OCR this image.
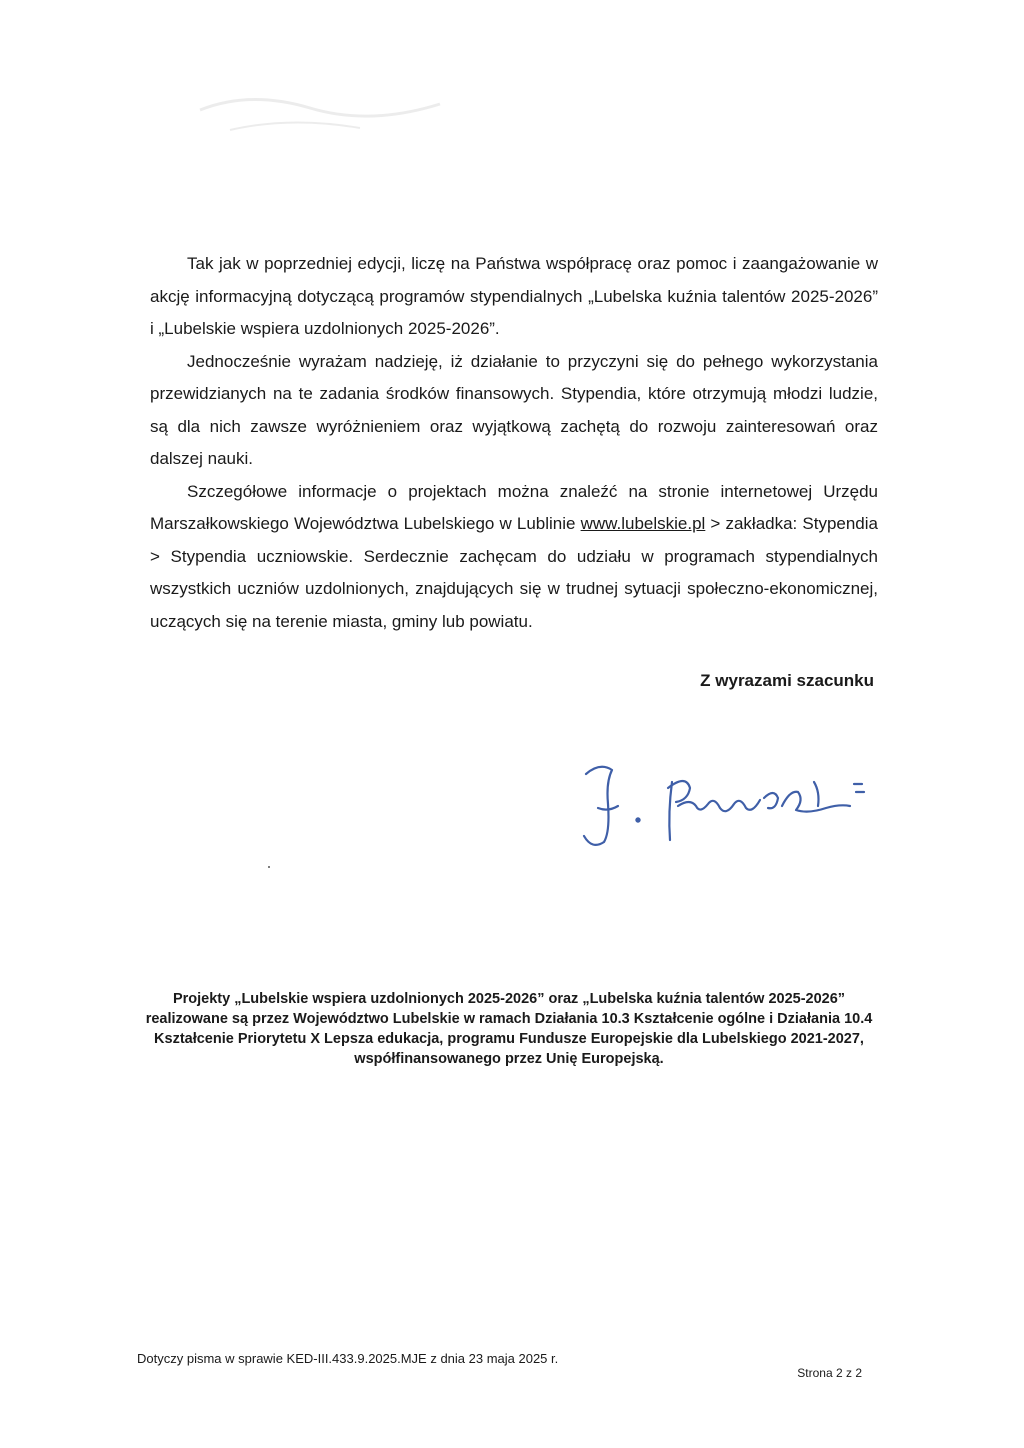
Tak jak w poprzedniej edycji, liczę na Państwa współpracę oraz pomoc i zaangażowanie w akcję informacyjną dotyczącą programów stypendialnych „Lubelska kuźnia talentów 2025-2026” i „Lubelskie wspiera uzdolnionych 2025-2026”.

Jednocześnie wyrażam nadzieję, iż działanie to przyczyni się do pełnego wykorzystania przewidzianych na te zadania środków finansowych. Stypendia, które otrzymują młodzi ludzie, są dla nich zawsze wyróżnieniem oraz wyjątkową zachętą do rozwoju zainteresowań oraz dalszej nauki.

Szczegółowe informacje o projektach można znaleźć na stronie internetowej Urzędu Marszałkowskiego Województwa Lubelskiego w Lublinie www.lubelskie.pl > zakładka: Stypendia > Stypendia uczniowskie. Serdecznie zachęcam do udziału w programach stypendialnych wszystkich uczniów uzdolnionych, znajdujących się w trudnej sytuacji społeczno-ekonomicznej, uczących się na terenie miasta, gminy lub powiatu.

Z wyrazami szacunku
Projekty „Lubelskie wspiera uzdolnionych 2025-2026” oraz „Lubelska kuźnia talentów 2025-2026” realizowane są przez Województwo Lubelskie w ramach Działania 10.3 Kształcenie ogólne i Działania 10.4 Kształcenie Priorytetu X Lepsza edukacja, programu Fundusze Europejskie dla Lubelskiego 2021-2027, współfinansowanego przez Unię Europejską.
Dotyczy pisma w sprawie KED-III.433.9.2025.MJE z dnia 23 maja 2025 r.
Strona 2 z 2
